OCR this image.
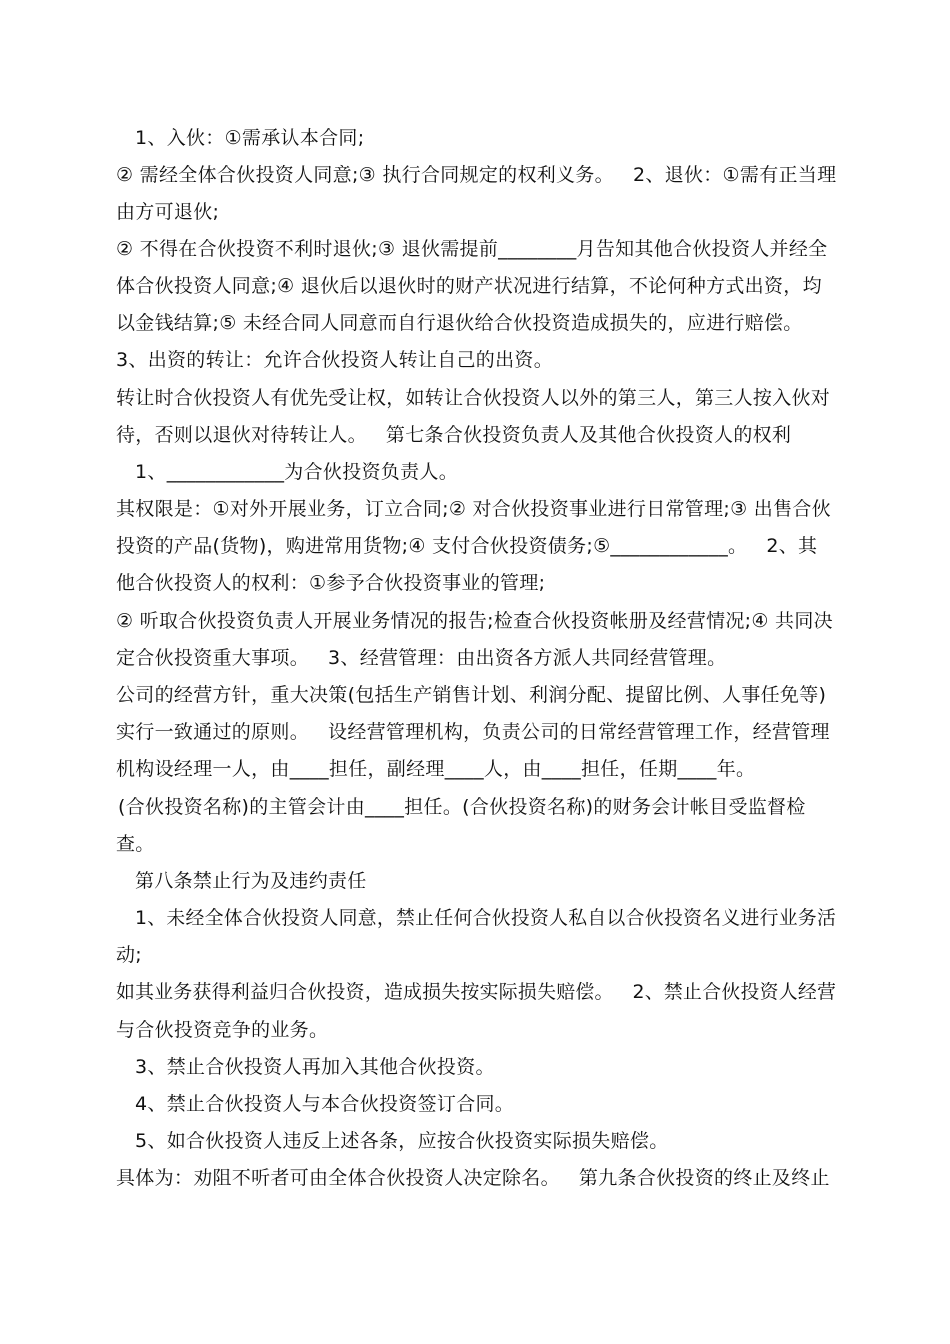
1、入伙：①需承认本合同;
② 需经全体合伙投资人同意;③ 执行合同规定的权利义务。   2、退伙：①需有正当理
由方可退伙;
② 不得在合伙投资不利时退伙;③ 退伙需提前________月告知其他合伙投资人并经全
体合伙投资人同意;④ 退伙后以退伙时的财产状况进行结算，不论何种方式出资，均
以金钱结算;⑤ 未经合同人同意而自行退伙给合伙投资造成损失的，应进行赔偿。
3、出资的转让：允许合伙投资人转让自己的出资。
转让时合伙投资人有优先受让权，如转让合伙投资人以外的第三人，第三人按入伙对
待，否则以退伙对待转让人。   第七条合伙投资负责人及其他合伙投资人的权利
1、____________为合伙投资负责人。
其权限是：①对外开展业务，订立合同;② 对合伙投资事业进行日常管理;③ 出售合伙
投资的产品(货物)，购进常用货物;④ 支付合伙投资债务;⑤____________。   2、其
他合伙投资人的权利：①参予合伙投资事业的管理;
② 听取合伙投资负责人开展业务情况的报告;检查合伙投资帐册及经营情况;④ 共同决
定合伙投资重大事项。   3、经营管理：由出资各方派人共同经营管理。
公司的经营方针，重大决策(包括生产销售计划、利润分配、提留比例、人事任免等)
实行一致通过的原则。   设经营管理机构，负责公司的日常经营管理工作，经营管理
机构设经理一人，由____担任，副经理____人，由____担任，任期____年。
(合伙投资名称)的主管会计由____担任。(合伙投资名称)的财务会计帐目受监督检
查。
第八条禁止行为及违约责任
1、未经全体合伙投资人同意，禁止任何合伙投资人私自以合伙投资名义进行业务活
动;
如其业务获得利益归合伙投资，造成损失按实际损失赔偿。   2、禁止合伙投资人经营
与合伙投资竞争的业务。
3、禁止合伙投资人再加入其他合伙投资。
4、禁止合伙投资人与本合伙投资签订合同。
5、如合伙投资人违反上述各条，应按合伙投资实际损失赔偿。
具体为：劝阻不听者可由全体合伙投资人决定除名。   第九条合伙投资的终止及终止
